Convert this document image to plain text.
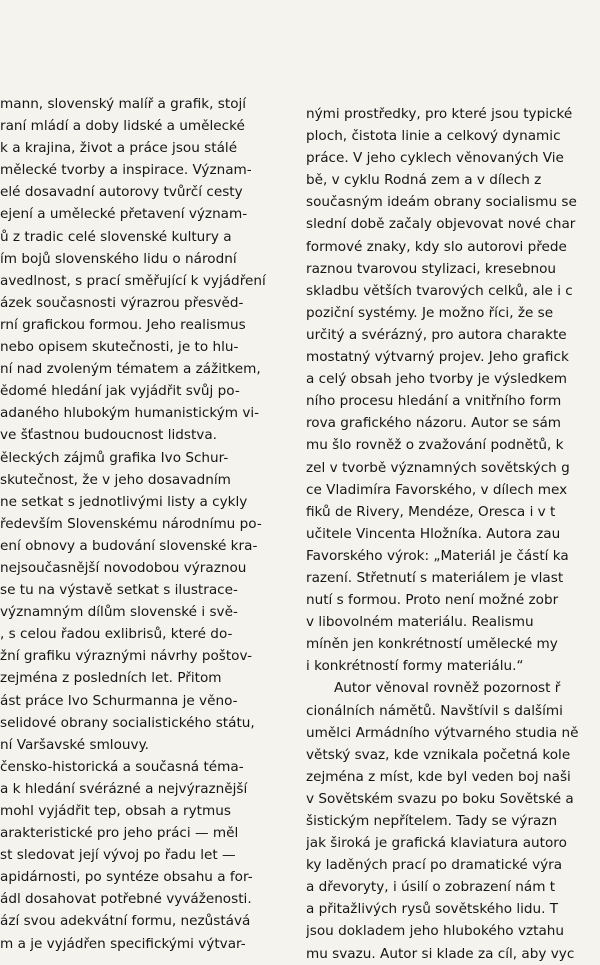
mann, slovenský malíř a grafik, stojí
raní mládí a doby lidské a umělecké
k a krajina, život a práce jsou stálé
mělecké tvorby a inspirace. Význam-
elé dosavadní autorovy tvůrčí cesty
ejení a umělecké přetavení význam-
ů z tradic celé slovenské kultury a
ím bojů slovenského lidu o národní
avedlnost, s prací směřující k vyjádření
ázek současnosti výrazrou přesvěd-
rní grafickou formou. Jeho realismus
nebo opisem skutečnosti, je to hlu-
ní nad zvoleným tématem a zážitkem,
ědomé hledání jak vyjádřit svůj po-
adaného hlubokým humanistickým vi-
ve šťastnou budoucnost lidstva.
ěleckých zájmů grafika Ivo Schur-
skutečnost, že v jeho dosavadním
ne setkat s jednotlivými listy a cykly
ředevším Slovenskému národnímu po-
ení obnovy a budování slovenské kra-
nejsoučasnější novodobou výraznou
se tu na výstavě setkat s ilustrace-
významným dílům slovenské i svě-
, s celou řadou exlibrisů, které do-
žní grafiku výraznými návrhy poštov-
zejména z posledních let. Přitom
ást práce Ivo Schurmanna je věno-
selidové obrany socialistického státu,
ní Varšavské smlouvy.
čensko-historická a současná téma-
a k hledání svérázné a nejvýraznější
mohl vyjádřit tep, obsah a rytmus
arakteristické pro jeho práci — měl
st sledovat její vývoj po řadu let —
apidárnosti, po syntéze obsahu a for-
ádl dosahovat potřebné vyváženosti.
ází svou adekvátní formu, nezůstává
m a je vyjádřen specifickými výtvar-
nými prostředky, pro které jsou typické
ploch, čistota linie a celkový dynamic
práce. V jeho cyklech věnovaných Vie
bě, v cyklu Rodná zem a v dílech z
současným ideám obrany socialismu se
slední době začaly objevovat nové char
formové znaky, kdy slo autorovi přede
raznou tvarovou stylizaci, kresebnou
skladbu větších tvarových celků, ale i c
poziční systémy. Je možno říci, že se
určitý a svérázný, pro autora charakte
mostatný výtvarný projev. Jeho grafick
a celý obsah jeho tvorby je výsledkem
ního procesu hledání a vnitřního form
rova grafického názoru. Autor se sám
mu šlo rovněž o zvažování podnětů, k
zel v tvorbě významných sovětských g
ce Vladimíra Favorského, v dílech mex
fiků de Rivery, Mendéze, Oresca i v t
učitele Vincenta Hložníka. Autora zau
Favorského výrok: „Materiál je částí ka
razení. Střetnutí s materiálem je vlast
nutí s formou. Proto není možné zobr
v libovolném materiálu. Realismu
míněn jen konkrétností umělecké my
i konkrétností formy materiálu.“
Autor věnoval rovněž pozornost ř
cionálních námětů. Navštívil s dalšími
umělci Armádního výtvarného studia ně
větský svaz, kde vznikala početná kole
zejména z míst, kde byl veden boj naši
v Sovětském svazu po boku Sovětské a
šistickým nepřítelem. Tady se výrazn
jak široká je grafická klaviatura autoro
ky laděných prací po dramatické výra
a dřevoryty, i úsilí o zobrazení nám t
a přitažlivých rysů sovětského lidu. T
jsou dokladem jeho hlubokého vztahu
mu svazu. Autor si klade za cíl, aby vyc
